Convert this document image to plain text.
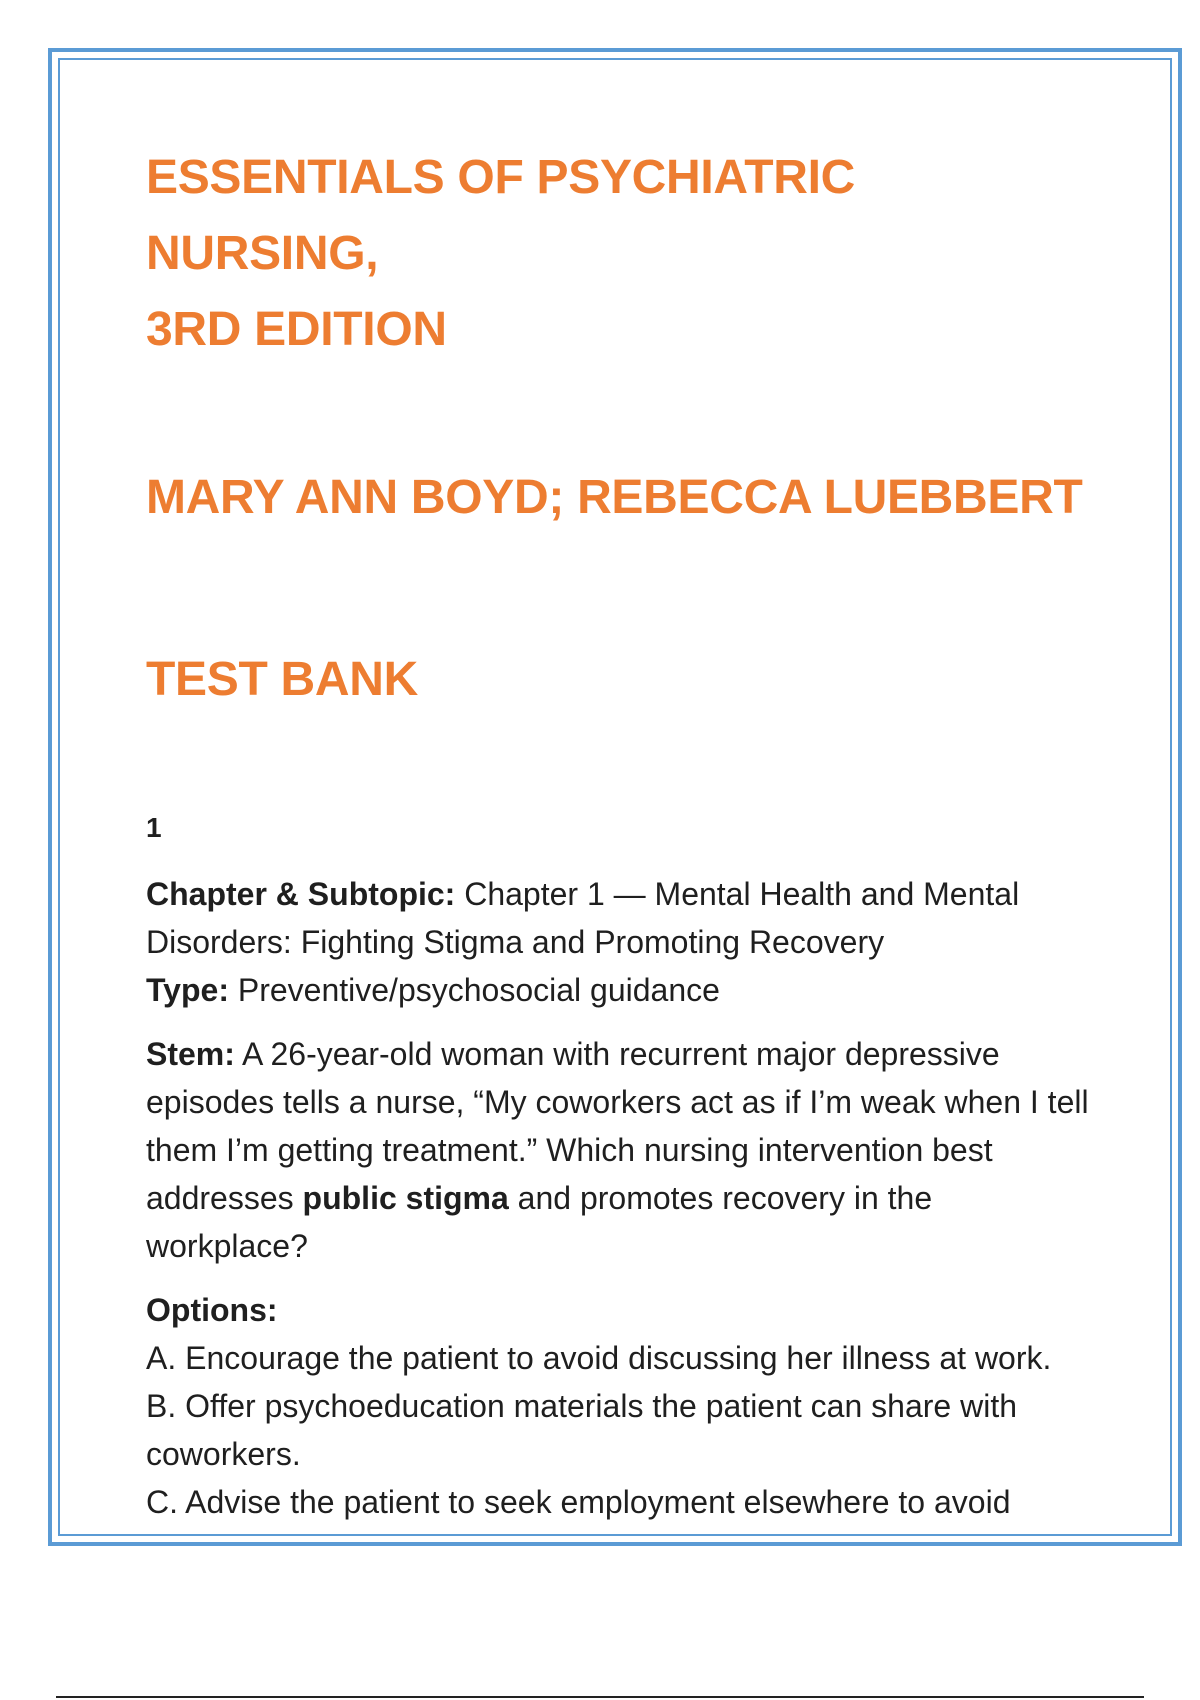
ESSENTIALS OF PSYCHIATRIC NURSING,

3RD EDITION

MARY ANN BOYD; REBECCA LUEBBERT

TEST BANK

1

Chapter & Subtopic: Chapter 1 — Mental Health and Mental Disorders: Fighting Stigma and Promoting Recovery

Type: Preventive/psychosocial guidance

Stem: A 26-year-old woman with recurrent major depressive episodes tells a nurse, “My coworkers act as if I’m weak when I tell them I’m getting treatment.” Which nursing intervention best addresses public stigma and promotes recovery in the workplace?

Options:

A. Encourage the patient to avoid discussing her illness at work.

B. Offer psychoeducation materials the patient can share with coworkers.

C. Advise the patient to seek employment elsewhere to avoid
